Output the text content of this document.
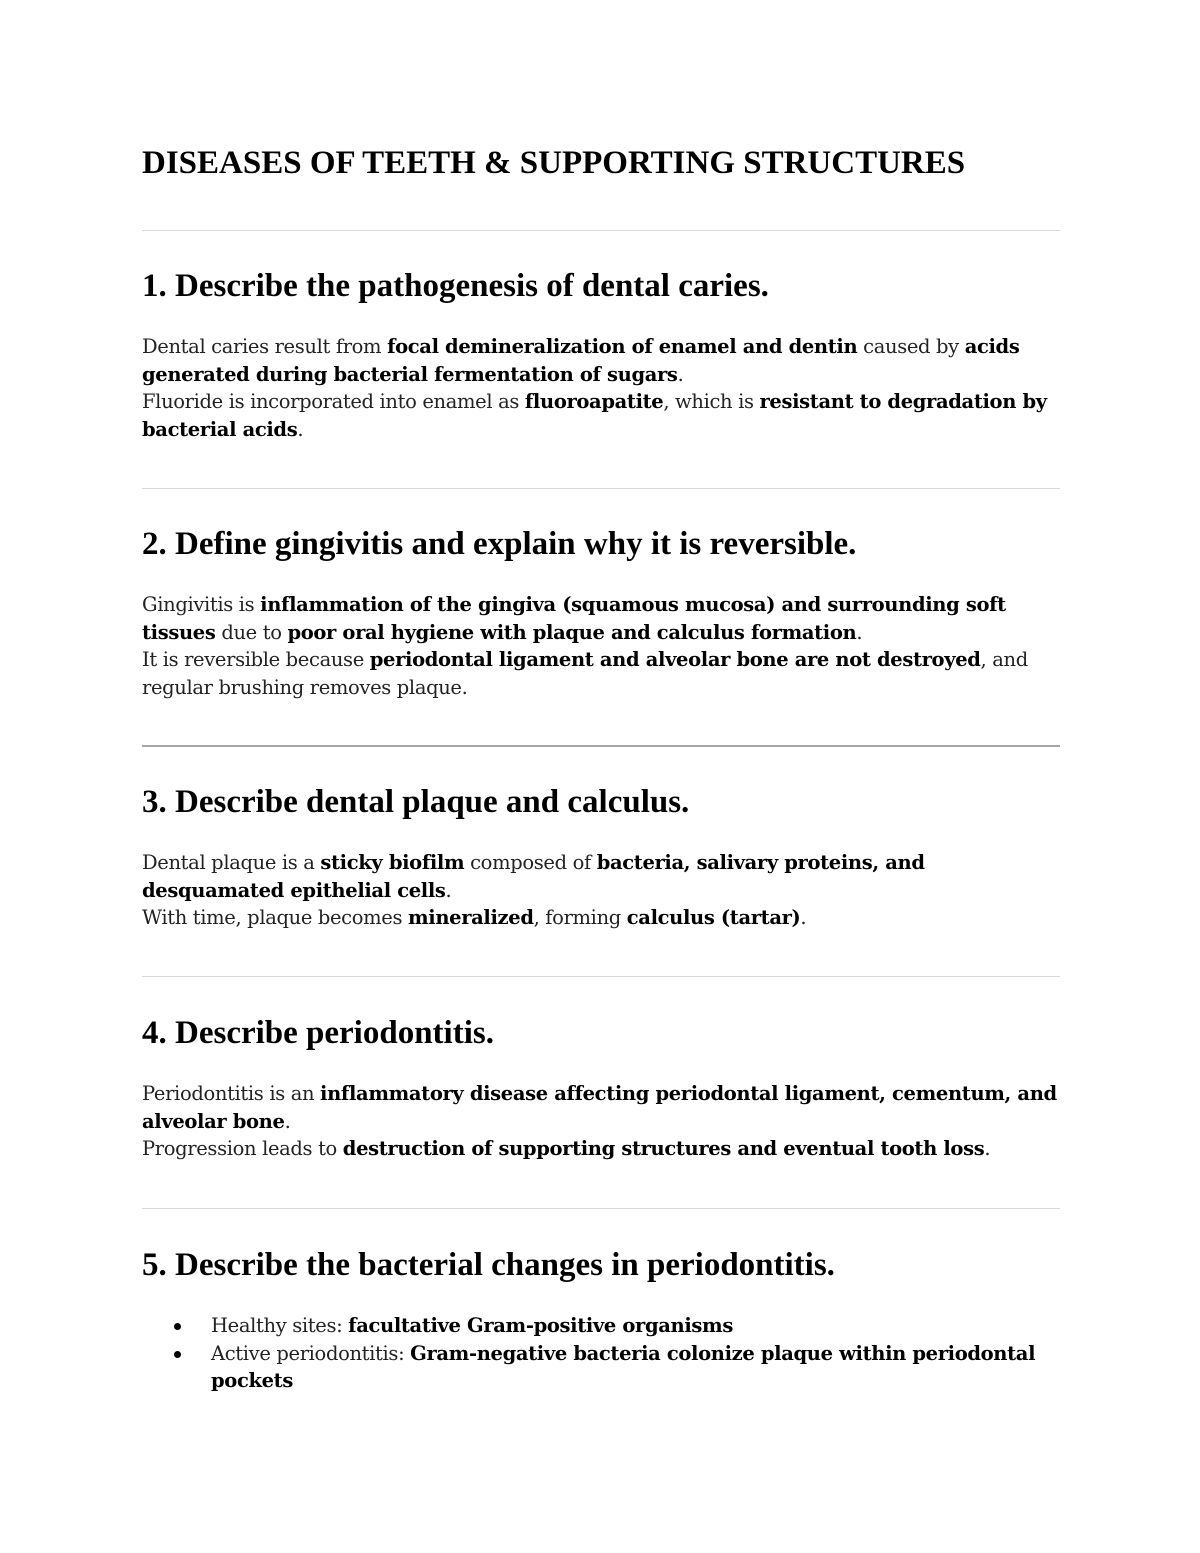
DISEASES OF TEETH & SUPPORTING STRUCTURES
1. Describe the pathogenesis of dental caries.
Dental caries result from focal demineralization of enamel and dentin caused by acids generated during bacterial fermentation of sugars.
Fluoride is incorporated into enamel as fluoroapatite, which is resistant to degradation by bacterial acids.
2. Define gingivitis and explain why it is reversible.
Gingivitis is inflammation of the gingiva (squamous mucosa) and surrounding soft tissues due to poor oral hygiene with plaque and calculus formation.
It is reversible because periodontal ligament and alveolar bone are not destroyed, and regular brushing removes plaque.
3. Describe dental plaque and calculus.
Dental plaque is a sticky biofilm composed of bacteria, salivary proteins, and desquamated epithelial cells.
With time, plaque becomes mineralized, forming calculus (tartar).
4. Describe periodontitis.
Periodontitis is an inflammatory disease affecting periodontal ligament, cementum, and alveolar bone.
Progression leads to destruction of supporting structures and eventual tooth loss.
5. Describe the bacterial changes in periodontitis.
Healthy sites: facultative Gram-positive organisms
Active periodontitis: Gram-negative bacteria colonize plaque within periodontal pockets
